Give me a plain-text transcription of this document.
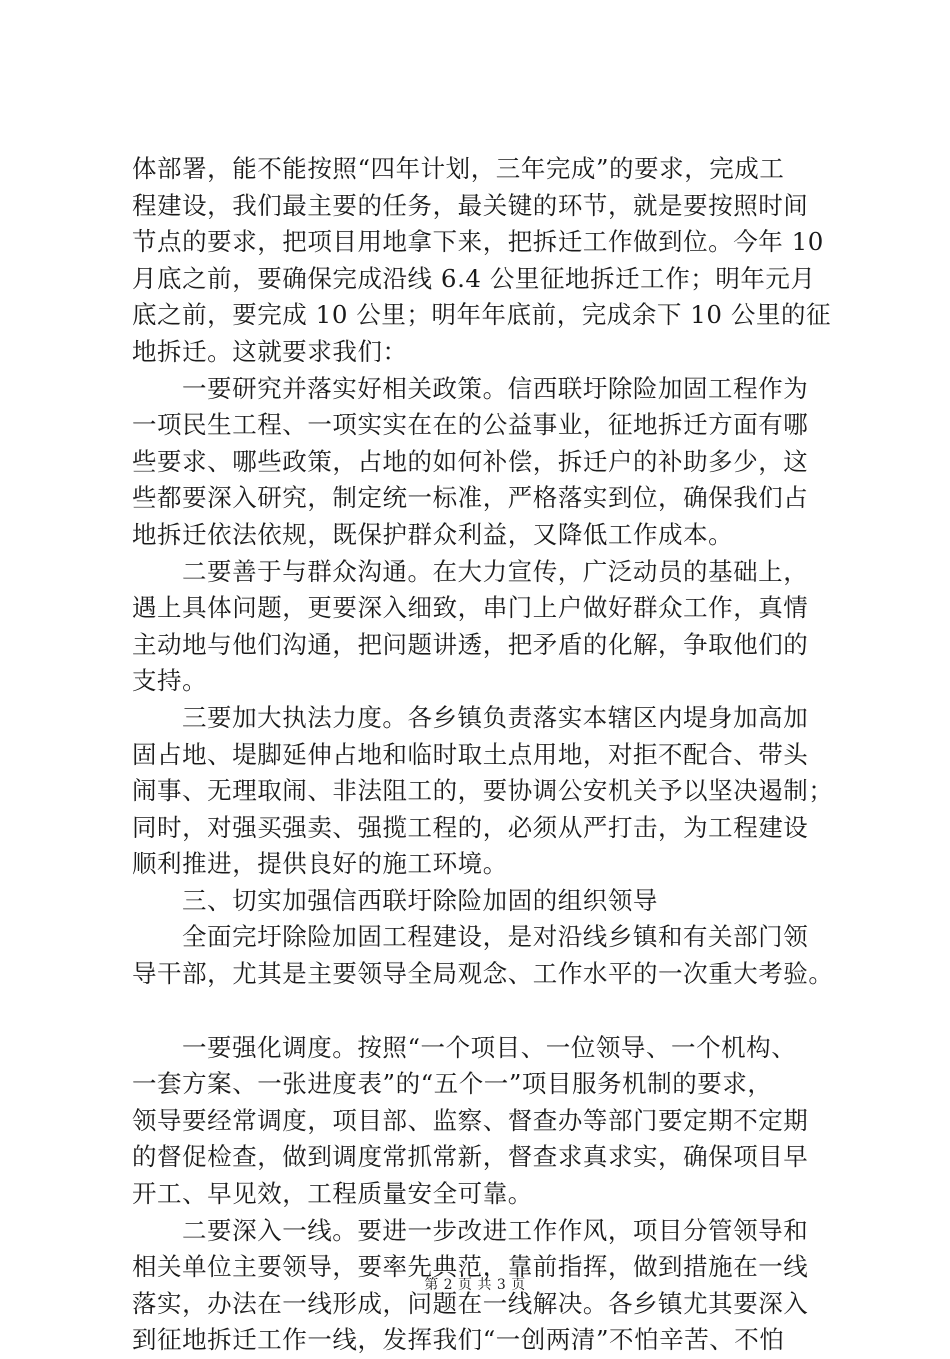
体部署，能不能按照“四年计划，三年完成”的要求，完成工
程建设，我们最主要的任务，最关键的环节，就是要按照时间
节点的要求，把项目用地拿下来，把拆迁工作做到位。今年 10
月底之前，要确保完成沿线 6.4 公里征地拆迁工作；明年元月
底之前，要完成 10 公里；明年年底前，完成余下 10 公里的征
地拆迁。这就要求我们：
一要研究并落实好相关政策。信西联圩除险加固工程作为
一项民生工程、一项实实在在的公益事业，征地拆迁方面有哪
些要求、哪些政策，占地的如何补偿，拆迁户的补助多少，这
些都要深入研究，制定统一标准，严格落实到位，确保我们占
地拆迁依法依规，既保护群众利益，又降低工作成本。
二要善于与群众沟通。在大力宣传，广泛动员的基础上，
遇上具体问题，更要深入细致，串门上户做好群众工作，真情
主动地与他们沟通，把问题讲透，把矛盾的化解，争取他们的
支持。
三要加大执法力度。各乡镇负责落实本辖区内堤身加高加
固占地、堤脚延伸占地和临时取土点用地，对拒不配合、带头
闹事、无理取闹、非法阻工的，要协调公安机关予以坚决遏制；
同时，对强买强卖、强揽工程的，必须从严打击，为工程建设
顺利推进，提供良好的施工环境。
三、切实加强信西联圩除险加固的组织领导
全面完圩除险加固工程建设，是对沿线乡镇和有关部门领
导干部，尤其是主要领导全局观念、工作水平的一次重大考验。
一要强化调度。按照“一个项目、一位领导、一个机构、
一套方案、一张进度表”的“五个一”项目服务机制的要求，
领导要经常调度，项目部、监察、督查办等部门要定期不定期
的督促检查，做到调度常抓常新，督查求真求实，确保项目早
开工、早见效，工程质量安全可靠。
二要深入一线。要进一步改进工作作风，项目分管领导和
相关单位主要领导，要率先典范，靠前指挥，做到措施在一线
落实，办法在一线形成，问题在一线解决。各乡镇尤其要深入
到征地拆迁工作一线，发挥我们“一创两清”不怕辛苦、不怕
第 2 页 共 3 页
